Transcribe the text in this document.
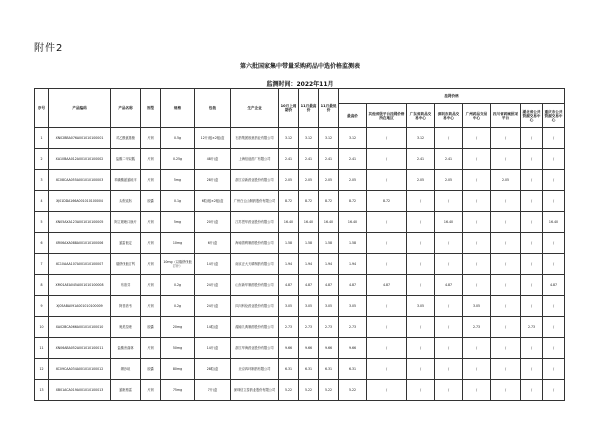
附件2
第六批国家集中带量采购药品中选价格监测表
监测时间：2022年11月
序号	产品编码	产品名称	剂型	规格	包装	生产企业	10月上周期价	11月最高价	11月最低价	挂网价格							
										最高价	其他省级平台挂网价格所在地区	广东省药品交易中心	深圳市药品交易中心	广州药品交易中心	四川省药械招采平台	湖北省公共资源交易中心	重庆市公共资源交易中心
1	XN02BBA076A001010100001	对乙酰氨基酚	片剂	0.5g	12片/板×2板/盒	石药集团欧意药业有限公司	3.12	3.12	3.12	3.12	/	3.12	/	/	/	/	/
2	XA10BAA012A001010100002	盐酸二甲双胍	片剂	0.25g	48片/盒	上海信谊药厂有限公司	2.41	2.41	2.41	2.41	/	2.41	2.41	/	/	/	/
3	XC08CAA055A001010100003	苯磺酸氨氯地平	片剂	5mg	28片/盒	浙江京新药业股份有限公司	2.05	2.05	2.05	2.05	/	2.05	2.05	/	2.05	/	/
4	XJ01DDA166A001010100004	头孢克肟	胶囊	0.1g	6粒/板×2板/盒	广州白云山制药股份有限公司	8.72	8.72	8.72	8.72	8.72	/	/	/	/	/	/
5	XN05AXA123A001010100005	阿立哌唑口崩片	片剂	5mg	20片/盒	江苏恩华药业股份有限公司	16.40	16.40	16.40	16.40	/	/	16.40	/	/	/	16.40
6	XR06AXA088A001010100006	氯雷他定	片剂	10mg	6片/盒	海南普利制药股份有限公司	1.58	1.58	1.58	1.58	/	/	/	/	/	/	/
7	XC10AAA107A001010100007	瑞舒伐他汀钙	片剂	10mg（以瑞舒伐他汀计）	14片/盒	南京正大天晴制药有限公司	1.94	1.94	1.94	1.94	/	/	/	/	/	/	/
8	XM01AEA045A001010100008	布洛芬	片剂	0.2g	24片/盒	山东新华制药股份有限公司	4.87	4.87	4.87	4.87	4.87	/	4.87	/	/	/	4.87
9	XJ05ABA091A001010100009	阿昔洛韦	片剂	0.2g	24片/盒	四川科伦药业股份有限公司	3.05	3.05	3.05	3.05	/	3.05	/	3.05	/	/	/
10	XA02BCA066A001010100010	奥美拉唑	胶囊	20mg	14粒/盒	湖南九典制药股份有限公司	2.73	2.73	2.73	2.73	/	/	/	2.73	/	2.73	/
11	XN06ABA052A001010100011	盐酸舍曲林	片剂	50mg	14片/盒	浙江华海药业股份有限公司	9.66	9.66	9.66	9.66	/	/	/	/	/	/	/
12	XC09CAA034A001010100012	缬沙坦	胶囊	80mg	28粒/盒	北京四环制药有限公司	6.31	6.31	6.31	6.31	/	/	/	/	/	/	/
13	XB01ACA019A001010100013	氯吡格雷	片剂	75mg	7片/盒	深圳信立泰药业股份有限公司	5.22	5.22	5.22	5.22	/	/	/	/	/	/	/
